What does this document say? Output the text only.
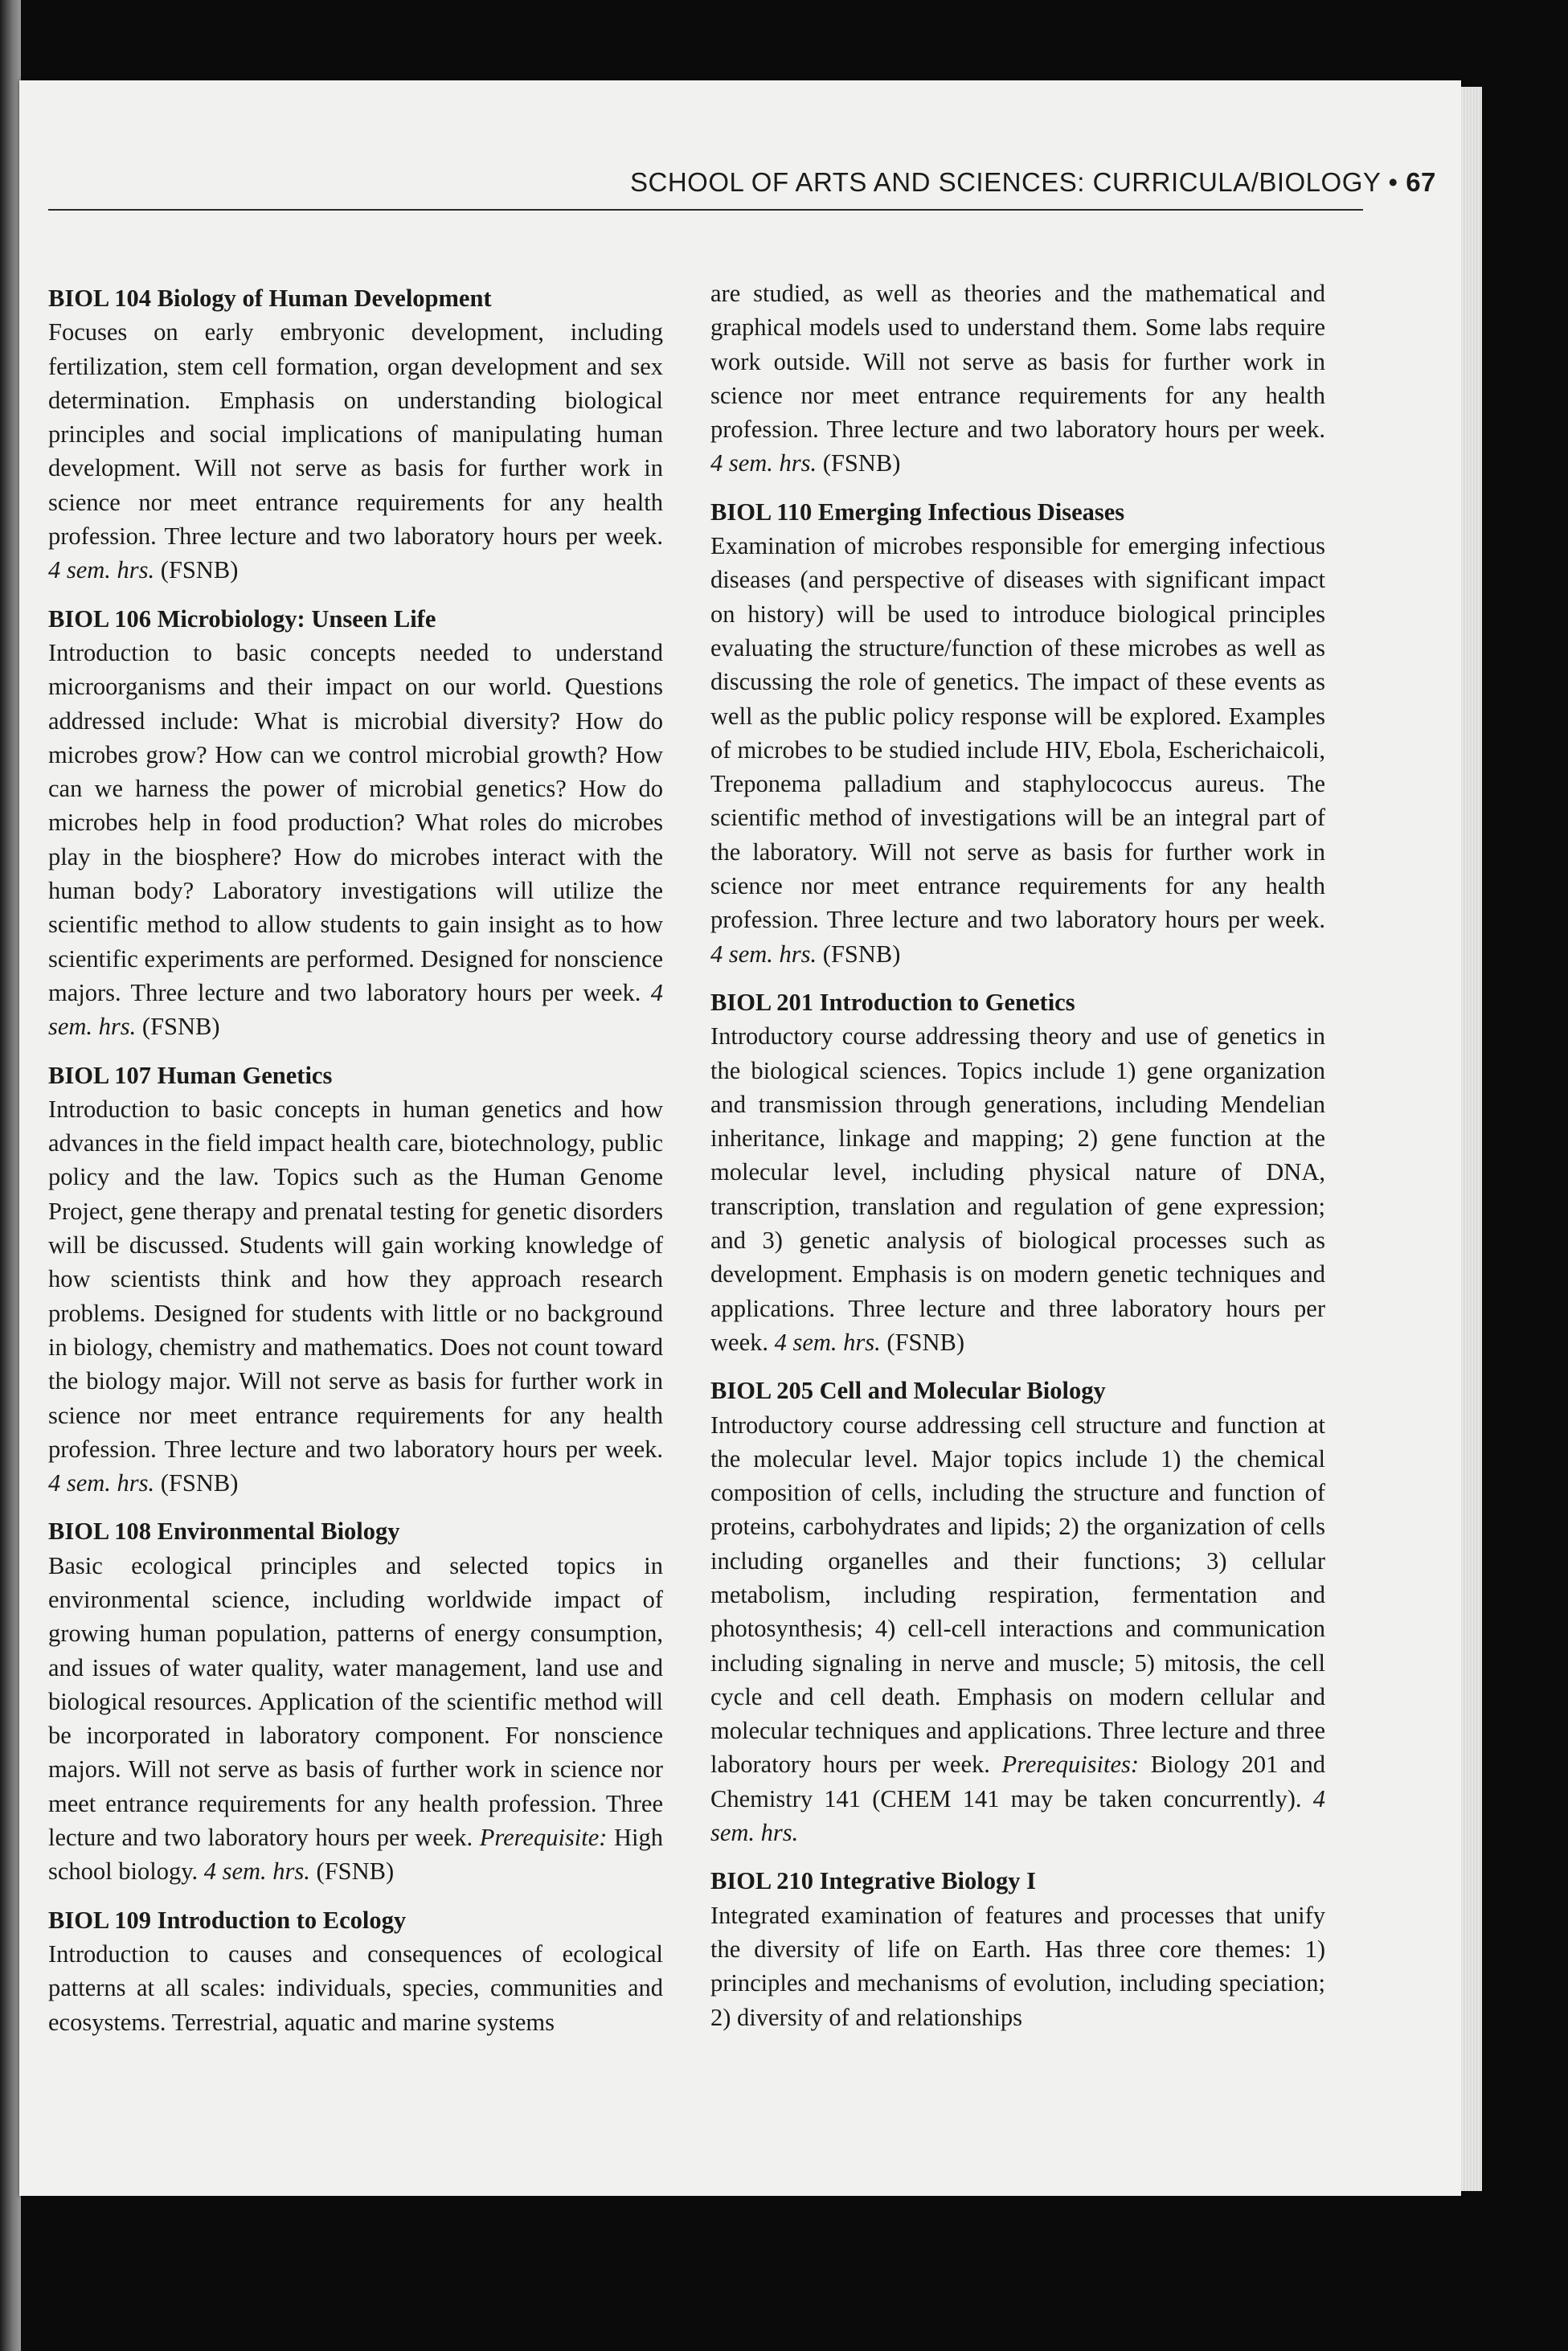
SCHOOL OF ARTS AND SCIENCES: CURRICULA/BIOLOGY • 67
BIOL 104 Biology of Human Development

Focuses on early embryonic development, including fertilization, stem cell formation, organ development and sex determination. Emphasis on understanding biological principles and social implications of manipulating human development. Will not serve as basis for further work in science nor meet entrance requirements for any health profession. Three lecture and two laboratory hours per week. 4 sem. hrs. (FSNB)

BIOL 106 Microbiology: Unseen Life

Introduction to basic concepts needed to understand microorganisms and their impact on our world. Questions addressed include: What is microbial diversity? How do microbes grow? How can we control microbial growth? How can we harness the power of microbial genetics? How do microbes help in food production? What roles do microbes play in the biosphere? How do microbes interact with the human body? Laboratory investigations will utilize the scientific method to allow students to gain insight as to how scientific experiments are performed. Designed for nonscience majors. Three lecture and two laboratory hours per week. 4 sem. hrs. (FSNB)

BIOL 107 Human Genetics

Introduction to basic concepts in human genetics and how advances in the field impact health care, biotechnology, public policy and the law. Topics such as the Human Genome Project, gene therapy and prenatal testing for genetic disorders will be discussed. Students will gain working knowledge of how scientists think and how they approach research problems. Designed for students with little or no background in biology, chemistry and mathematics. Does not count toward the biology major. Will not serve as basis for further work in science nor meet entrance requirements for any health profession. Three lecture and two laboratory hours per week. 4 sem. hrs. (FSNB)

BIOL 108 Environmental Biology

Basic ecological principles and selected topics in environmental science, including worldwide impact of growing human population, patterns of energy consumption, and issues of water quality, water management, land use and biological resources. Application of the scientific method will be incorporated in laboratory component. For nonscience majors. Will not serve as basis of further work in science nor meet entrance requirements for any health profession. Three lecture and two laboratory hours per week. Prerequisite: High school biology. 4 sem. hrs. (FSNB)

BIOL 109 Introduction to Ecology

Introduction to causes and consequences of ecological patterns at all scales: individuals, species, communities and ecosystems. Terrestrial, aquatic and marine systems

are studied, as well as theories and the mathematical and graphical models used to understand them. Some labs require work outside. Will not serve as basis for further work in science nor meet entrance requirements for any health profession. Three lecture and two laboratory hours per week. 4 sem. hrs. (FSNB)

BIOL 110 Emerging Infectious Diseases

Examination of microbes responsible for emerging infectious diseases (and perspective of diseases with significant impact on history) will be used to introduce biological principles evaluating the structure/function of these microbes as well as discussing the role of genetics. The impact of these events as well as the public policy response will be explored. Examples of microbes to be studied include HIV, Ebola, Escherichaicoli, Treponema palladium and staphylococcus aureus. The scientific method of investigations will be an integral part of the laboratory. Will not serve as basis for further work in science nor meet entrance requirements for any health profession. Three lecture and two laboratory hours per week. 4 sem. hrs. (FSNB)

BIOL 201 Introduction to Genetics

Introductory course addressing theory and use of genetics in the biological sciences. Topics include 1) gene organization and transmission through generations, including Mendelian inheritance, linkage and mapping; 2) gene function at the molecular level, including physical nature of DNA, transcription, translation and regulation of gene expression; and 3) genetic analysis of biological processes such as development. Emphasis is on modern genetic techniques and applications. Three lecture and three laboratory hours per week. 4 sem. hrs. (FSNB)

BIOL 205 Cell and Molecular Biology

Introductory course addressing cell structure and function at the molecular level. Major topics include 1) the chemical composition of cells, including the structure and function of proteins, carbohydrates and lipids; 2) the organization of cells including organelles and their functions; 3) cellular metabolism, including respiration, fermentation and photosynthesis; 4) cell-cell interactions and communication including signaling in nerve and muscle; 5) mitosis, the cell cycle and cell death. Emphasis on modern cellular and molecular techniques and applications. Three lecture and three laboratory hours per week. Prerequisites: Biology 201 and Chemistry 141 (CHEM 141 may be taken concurrently). 4 sem. hrs.

BIOL 210 Integrative Biology I

Integrated examination of features and processes that unify the diversity of life on Earth. Has three core themes: 1) principles and mechanisms of evolution, including speciation; 2) diversity of and relationships
